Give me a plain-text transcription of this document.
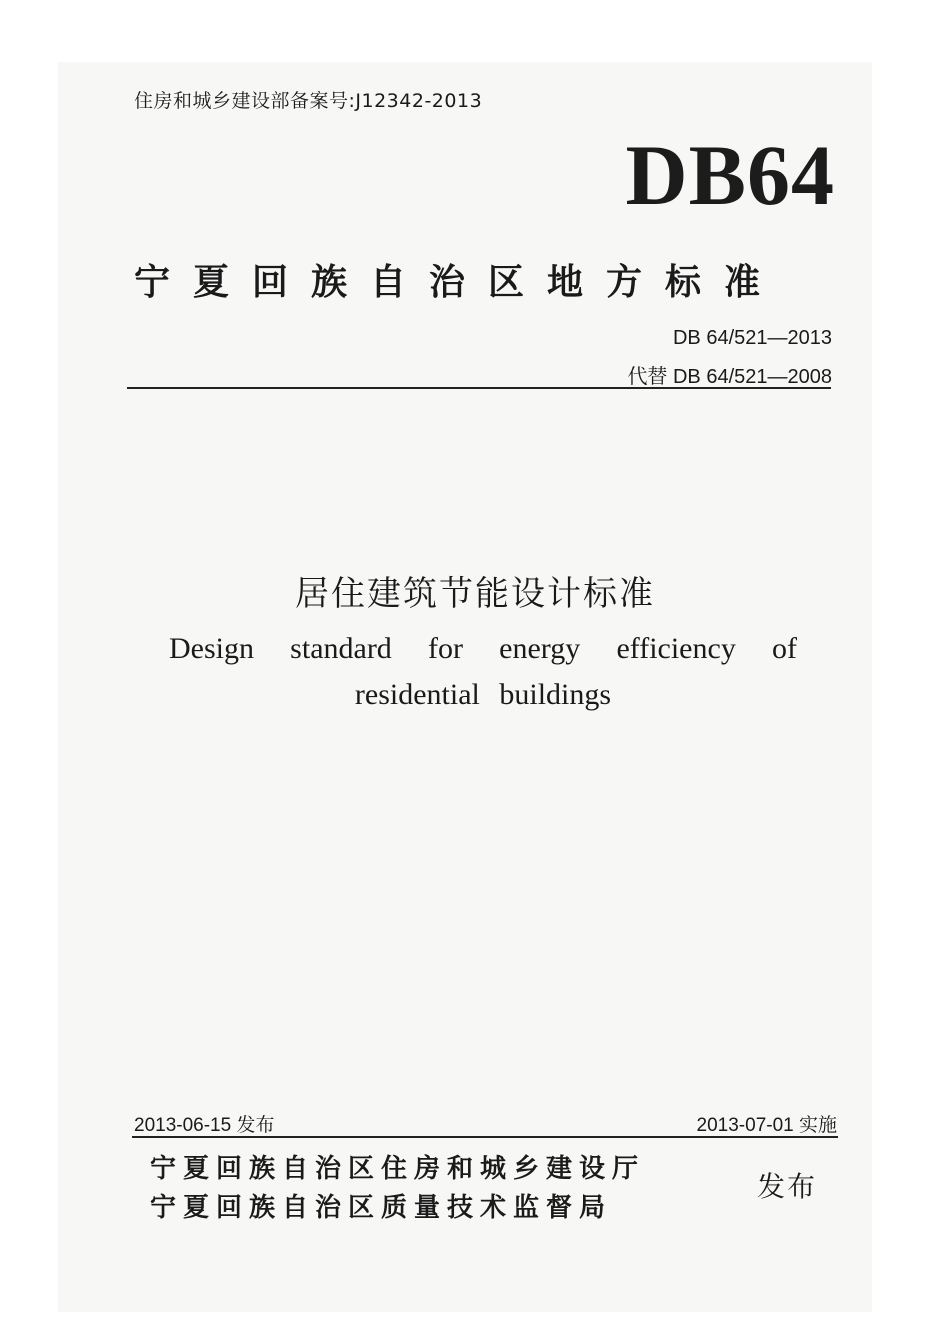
住房和城乡建设部备案号:J12342-2013
DB64
宁夏回族自治区地方标准
DB 64/521—2013
代替 DB 64/521—2008
居住建筑节能设计标准
Design standard for energy efficiency of
residential buildings
2013-06-15 发布	2013-07-01 实施
宁夏回族自治区住房和城乡建设厅
宁夏回族自治区质量技术监督局
发布
